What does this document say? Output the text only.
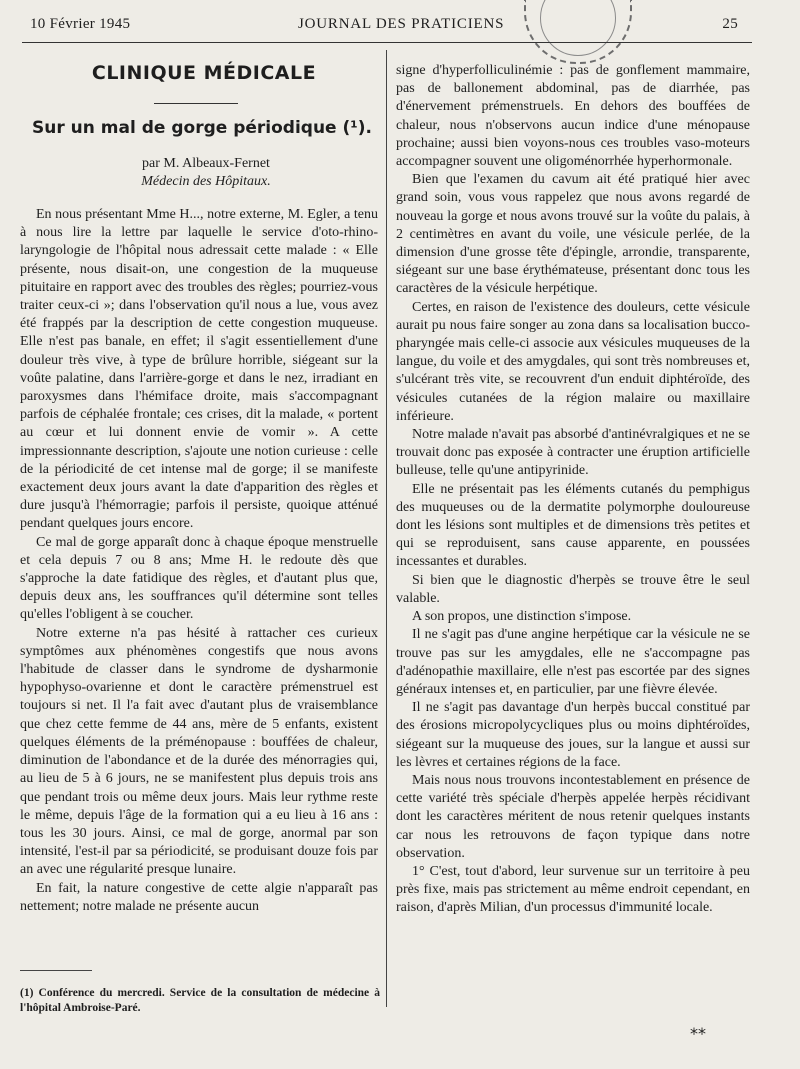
10 Février 1945	JOURNAL DES PRATICIENS	25
CLINIQUE MÉDICALE
Sur un mal de gorge périodique (¹).
par M. Albeaux-Fernet
Médecin des Hôpitaux.

En nous présentant Mme H..., notre externe, M. Egler, a tenu à nous lire la lettre par laquelle le service d'oto-rhino-laryngologie de l'hôpital nous adressait cette malade : « Elle présente, nous disait-on, une congestion de la muqueuse pituitaire en rapport avec des troubles des règles; pourriez-vous traiter ceux-ci »; dans l'observation qu'il nous a lue, vous avez été frappés par la description de cette congestion muqueuse. Elle n'est pas banale, en effet; il s'agit essentiellement d'une douleur très vive, à type de brûlure horrible, siégeant sur la voûte palatine, dans l'arrière-gorge et dans le nez, irradiant en paroxysmes dans l'hémiface droite, mais s'accompagnant parfois de céphalée frontale; ces crises, dit la malade, « portent au cœur et lui donnent envie de vomir ». A cette impressionnante description, s'ajoute une notion curieuse : celle de la périodicité de cet intense mal de gorge; il se manifeste exactement deux jours avant la date d'apparition des règles et dure jusqu'à l'hémorragie; parfois il persiste, quoique atténué pendant quelques jours encore.

Ce mal de gorge apparaît donc à chaque époque menstruelle et cela depuis 7 ou 8 ans; Mme H. le redoute dès que s'approche la date fatidique des règles, et d'autant plus que, depuis deux ans, les souffrances qu'il détermine sont telles qu'elles l'obligent à se coucher.

Notre externe n'a pas hésité à rattacher ces curieux symptômes aux phénomènes congestifs que nous avons l'habitude de classer dans le syndrome de dysharmonie hypophyso-ovarienne et dont le caractère prémenstruel est toujours si net. Il l'a fait avec d'autant plus de vraisemblance que chez cette femme de 44 ans, mère de 5 enfants, existent quelques éléments de la préménopause : bouffées de chaleur, diminution de l'abondance et de la durée des ménorragies qui, au lieu de 5 à 6 jours, ne se manifestent plus depuis trois ans que pendant trois ou même deux jours. Mais leur rythme reste le même, depuis l'âge de la formation qui a eu lieu à 16 ans : tous les 30 jours. Ainsi, ce mal de gorge, anormal par son intensité, l'est-il par sa périodicité, se produisant douze fois par an avec une régularité presque lunaire.

En fait, la nature congestive de cette algie n'apparaît pas nettement; notre malade ne présente aucun

(1) Conférence du mercredi. Service de la consultation de médecine à l'hôpital Ambroise-Paré.

signe d'hyperfolliculinémie : pas de gonflement mammaire, pas de ballonement abdominal, pas de diarrhée, pas d'énervement prémenstruels. En dehors des bouffées de chaleur, nous n'observons aucun indice d'une ménopause prochaine; aussi bien voyons-nous ces troubles vaso-moteurs accompagner souvent une oligoménorrhée hyperhormonale.

Bien que l'examen du cavum ait été pratiqué hier avec grand soin, vous vous rappelez que nous avons regardé de nouveau la gorge et nous avons trouvé sur la voûte du palais, à 2 centimètres en avant du voile, une vésicule perlée, de la dimension d'une grosse tête d'épingle, arrondie, transparente, siégeant sur une base érythémateuse, présentant donc tous les caractères de la vésicule herpétique.

Certes, en raison de l'existence des douleurs, cette vésicule aurait pu nous faire songer au zona dans sa localisation bucco-pharyngée mais celle-ci associe aux vésicules muqueuses de la langue, du voile et des amygdales, qui sont très nombreuses et, s'ulcérant très vite, se recouvrent d'un enduit diphtéroïde, des vésicules cutanées de la région malaire ou maxillaire inférieure.

Notre malade n'avait pas absorbé d'antinévralgiques et ne se trouvait donc pas exposée à contracter une éruption artificielle bulleuse, telle qu'une antipyrinide.

Elle ne présentait pas les éléments cutanés du pemphigus des muqueuses ou de la dermatite polymorphe douloureuse dont les lésions sont multiples et de dimensions très petites et qui se reproduisent, sans cause apparente, en poussées incessantes et durables.

Si bien que le diagnostic d'herpès se trouve être le seul valable.

A son propos, une distinction s'impose.

Il ne s'agit pas d'une angine herpétique car la vésicule ne se trouve pas sur les amygdales, elle ne s'accompagne pas d'adénopathie maxillaire, elle n'est pas escortée par des signes généraux intenses et, en particulier, par une fièvre élevée.

Il ne s'agit pas davantage d'un herpès buccal constitué par des érosions micropolycycliques plus ou moins diphtéroïdes, siégeant sur la muqueuse des joues, sur la langue et aussi sur les lèvres et certaines régions de la face.

Mais nous nous trouvons incontestablement en présence de cette variété très spéciale d'herpès appelée herpès récidivant dont les caractères méritent de nous retenir quelques instants car nous les retrouvons de façon typique dans notre observation.

1° C'est, tout d'abord, leur survenue sur un territoire à peu près fixe, mais pas strictement au même endroit cependant, en raison, d'après Milian, d'un processus d'immunité locale.

**
